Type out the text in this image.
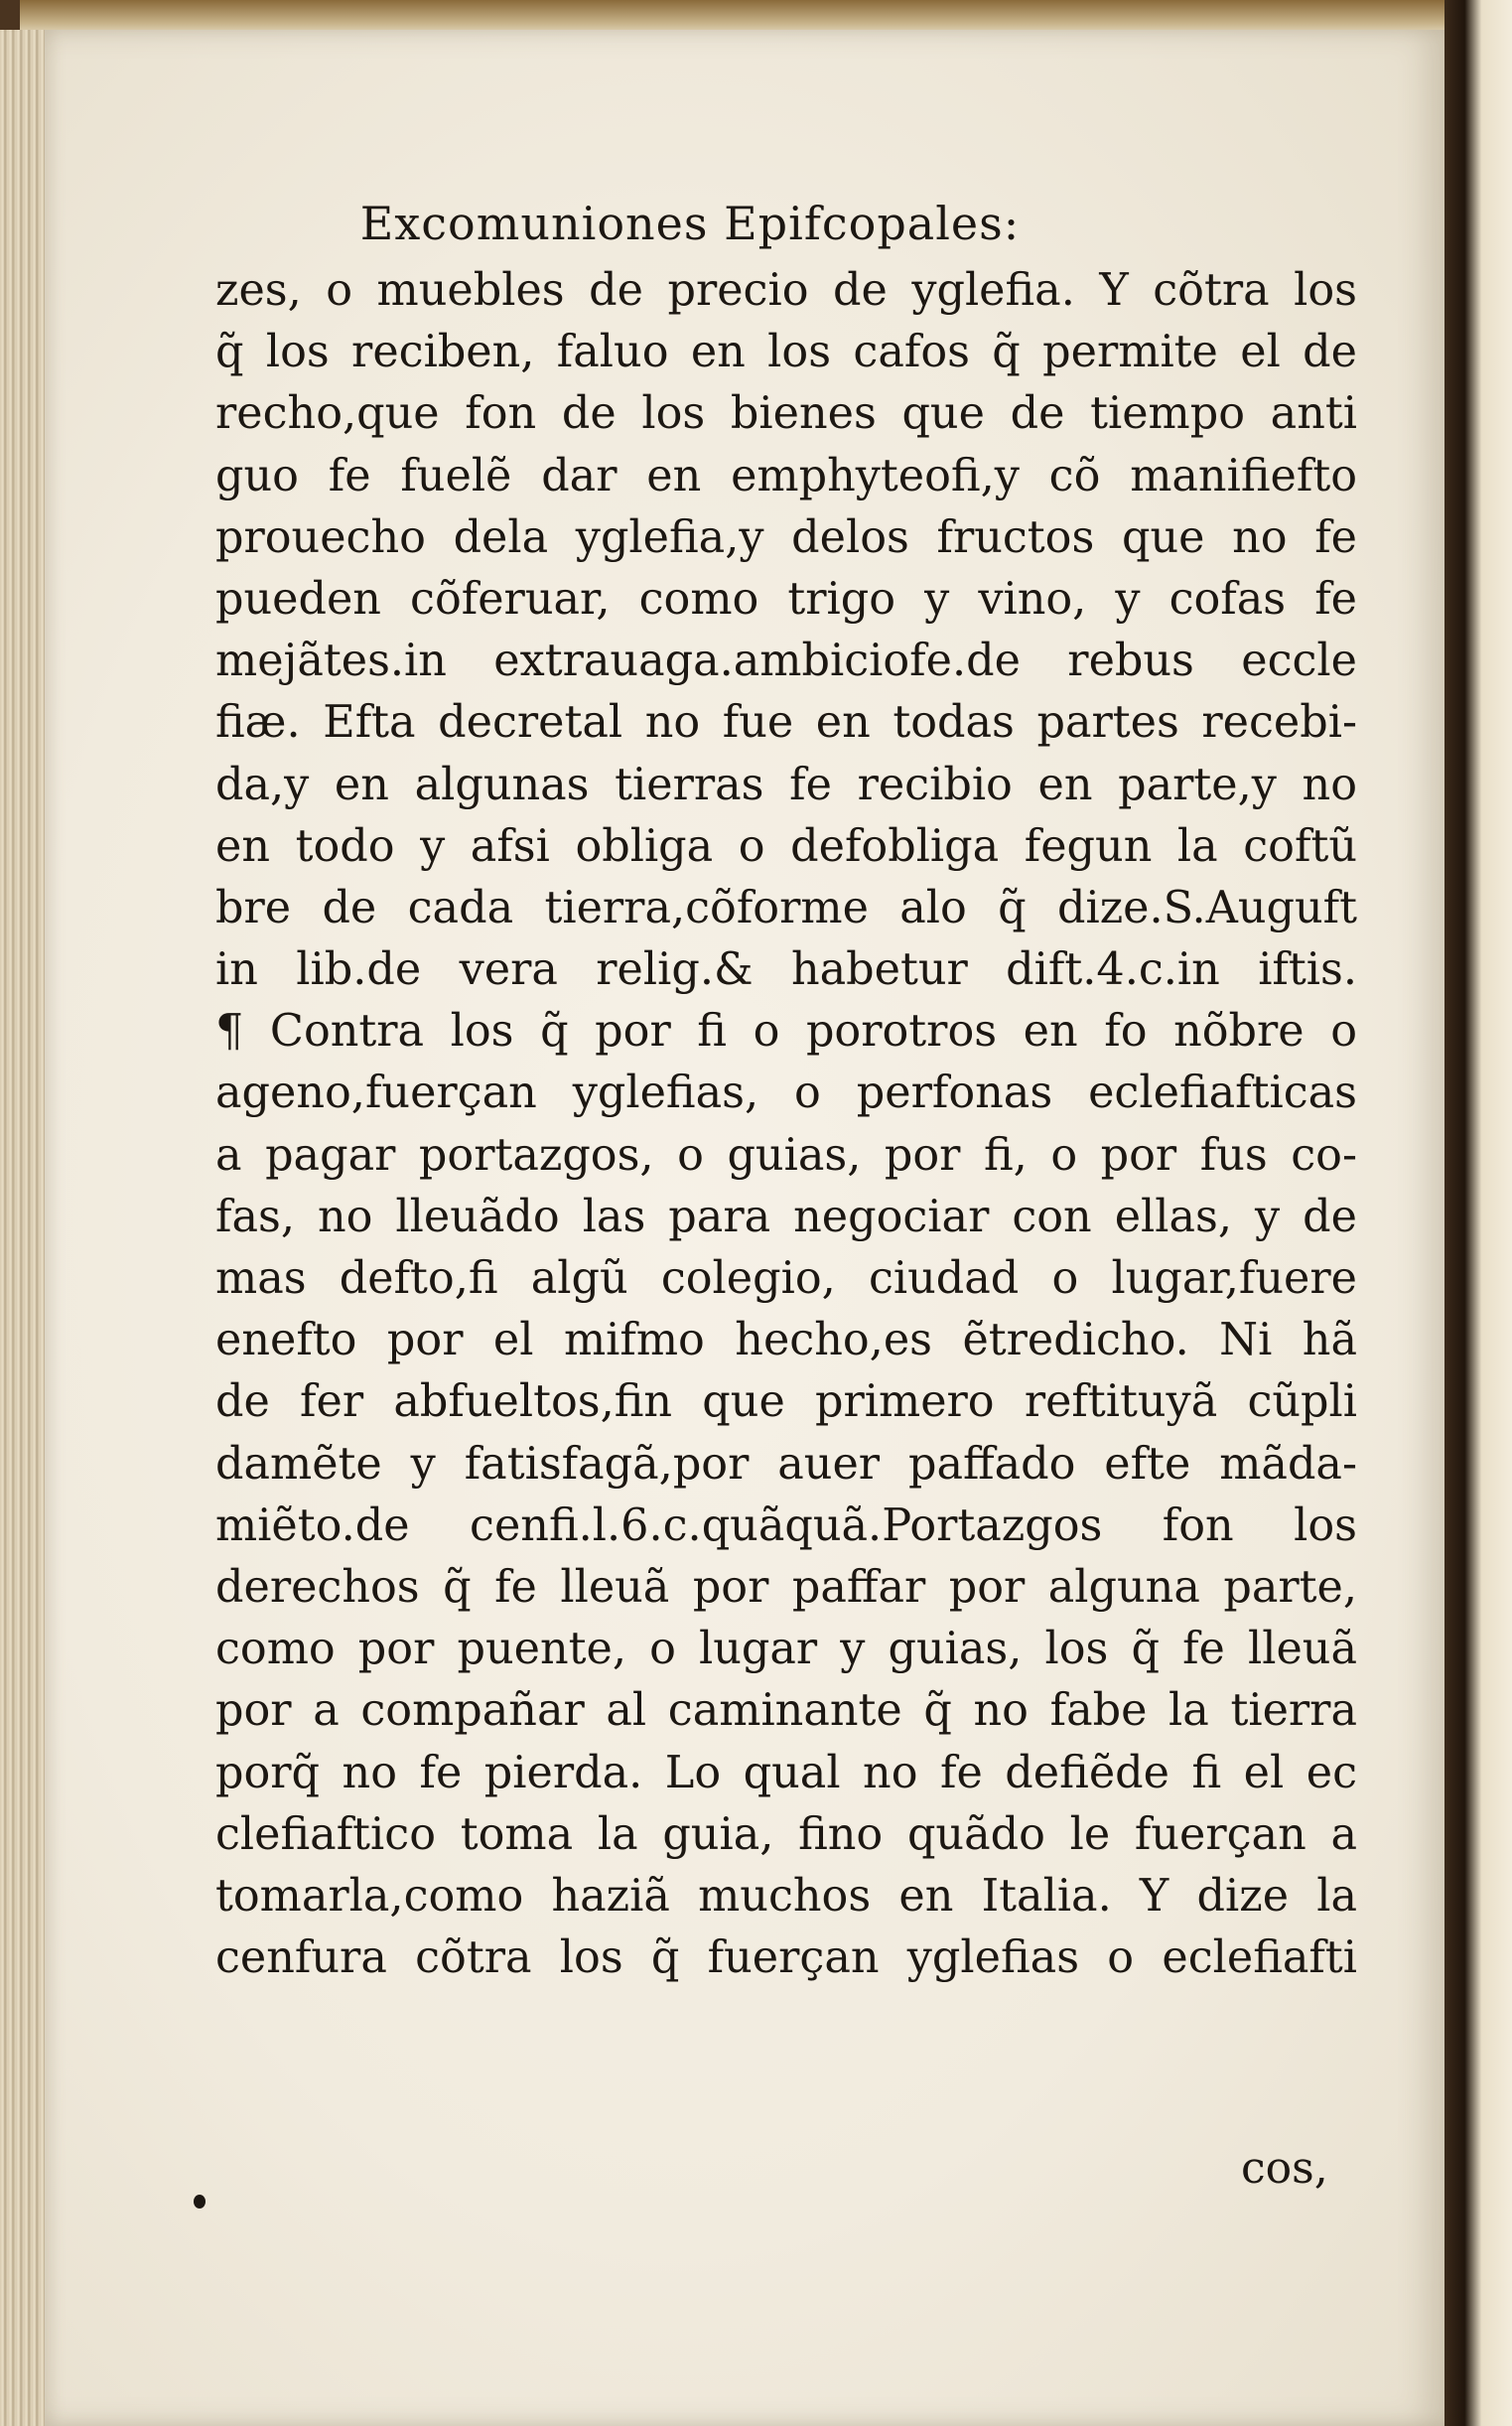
Excomuniones Epifcopales:
zes, o muebles de precio de yglefia. Y cõtra los
q̃ los reciben, faluo en los cafos q̃ permite el de
recho,que fon de los bienes que de tiempo anti
guo fe fuelẽ dar en emphyteofi,y cõ manifiefto
prouecho dela yglefia,y delos fructos que no fe
pueden cõferuar, como trigo y vino, y cofas fe
mejãtes.in extrauaga.ambiciofe.de rebus eccle
fiæ. Efta decretal no fue en todas partes recebi-
da,y en algunas tierras fe recibio en parte,y no
en todo y afsi obliga o defobliga fegun la coftũ
bre de cada tierra,cõforme alo q̃ dize.S.Auguft
in lib.de vera relig.& habetur dift.4.c.in iftis.
¶ Contra los q̃ por fi o porotros en fo nõbre o
ageno,fuerçan yglefias, o perfonas eclefiafticas
a pagar portazgos, o guias, por fi, o por fus co-
fas, no lleuãdo las para negociar con ellas, y de
mas defto,fi algũ colegio, ciudad o lugar,fuere
enefto por el mifmo hecho,es ẽtredicho. Ni hã
de fer abfueltos,fin que primero reftituyã cũpli
damẽte y fatisfagã,por auer paffado efte mãda-
miẽto.de cenfi.l.6.c.quãquã.Portazgos fon los
derechos q̃ fe lleuã por paffar por alguna parte,
como por puente, o lugar y guias, los q̃ fe lleuã
por a compañar al caminante q̃ no fabe la tierra
porq̃ no fe pierda. Lo qual no fe defiẽde fi el ec
clefiaftico toma la guia, fino quãdo le fuerçan a
tomarla,como haziã muchos en Italia. Y dize la
cenfura cõtra los q̃ fuerçan yglefias o eclefiafti
cos,
